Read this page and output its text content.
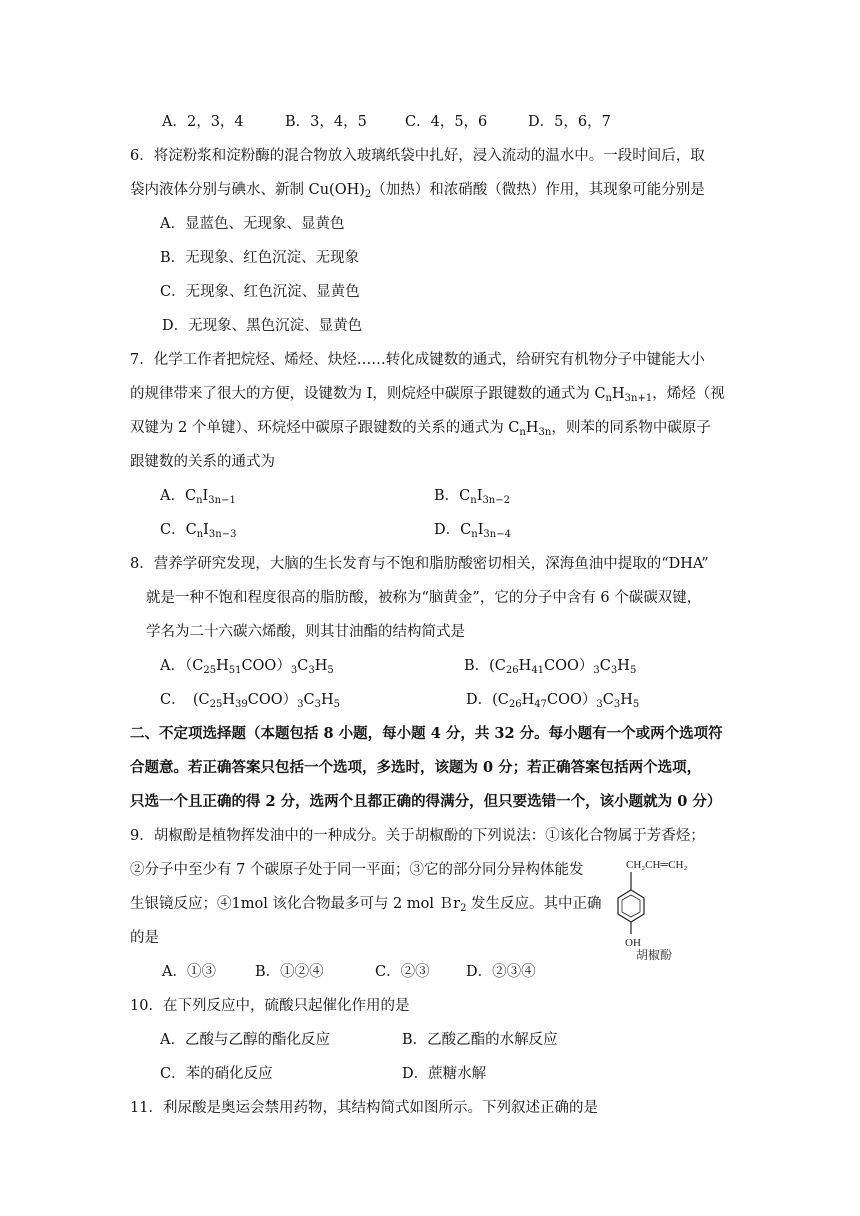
A．2，3，4	B．3，4，5	C．4，5，6	D．5，6，7
6．将淀粉浆和淀粉酶的混合物放入玻璃纸袋中扎好，浸入流动的温水中。一段时间后，取
袋内液体分别与碘水、新制 $Cu(OH)_2$（加热）和浓硝酸（微热）作用，其现象可能分别是
A．显蓝色、无现象、显黄色
B．无现象、红色沉淀、无现象
C．无现象、红色沉淀、显黄色
D．无现象、黑色沉淀、显黄色
7．化学工作者把烷烃、烯烃、炔烃……转化成键数的通式，给研究有机物分子中键能大小
的规律带来了很大的方便，设键数为 I，则烷烃中碳原子跟键数的通式为 $C_nH_{3n+1}$，烯烃（视
双键为 2 个单键）、环烷烃中碳原子跟键数的关系的通式为 $C_nH_{3n}$，则苯的同系物中碳原子
跟键数的关系的通式为
A．$C_nI_{3n-1}$	B．$C_nI_{3n-2}$
C．$C_nI_{3n-3}$	D．$C_nI_{3n-4}$
8．营养学研究发现，大脑的生长发育与不饱和脂肪酸密切相关，深海鱼油中提取的“DHA”
就是一种不饱和程度很高的脂肪酸，被称为“脑黄金”，它的分子中含有 6 个碳碳双键，
学名为二十六碳六烯酸，则其甘油酯的结构简式是
A．$(C_{25}H_{51}COO)_3C_3H_5$	B．$(C_{26}H_{41}COO)_3C_3H_5$
C．　$(C_{25}H_{39}COO)_3C_3H_5$	D．$(C_{26}H_{47}COO)_3C_3H_5$
二、不定项选择题（本题包括 8 小题，每小题 4 分，共 32 分。每小题有一个或两个选项符
合题意。若正确答案只包括一个选项，多选时，该题为 0 分；若正确答案包括两个选项，
只选一个且正确的得 2 分，选两个且都正确的得满分，但只要选错一个，该小题就为 0 分）
9．胡椒酚是植物挥发油中的一种成分。关于胡椒酚的下列说法：①该化合物属于芳香烃；
②分子中至少有 7 个碳原子处于同一平面；③它的部分同分异构体能发
生银镜反应；④1mol 该化合物最多可与 2 mol Ｂr$_2$ 发生反应。其中正确
的是
A．①③	B．①②④	C．②③	D．②③④
CH₂CH═CH₂
OH
胡椒酚
10．在下列反应中，硫酸只起催化作用的是
A．乙酸与乙醇的酯化反应	B．乙酸乙酯的水解反应
C．苯的硝化反应	D．蔗糖水解
11．利尿酸是奥运会禁用药物，其结构简式如图所示。下列叙述正确的是
